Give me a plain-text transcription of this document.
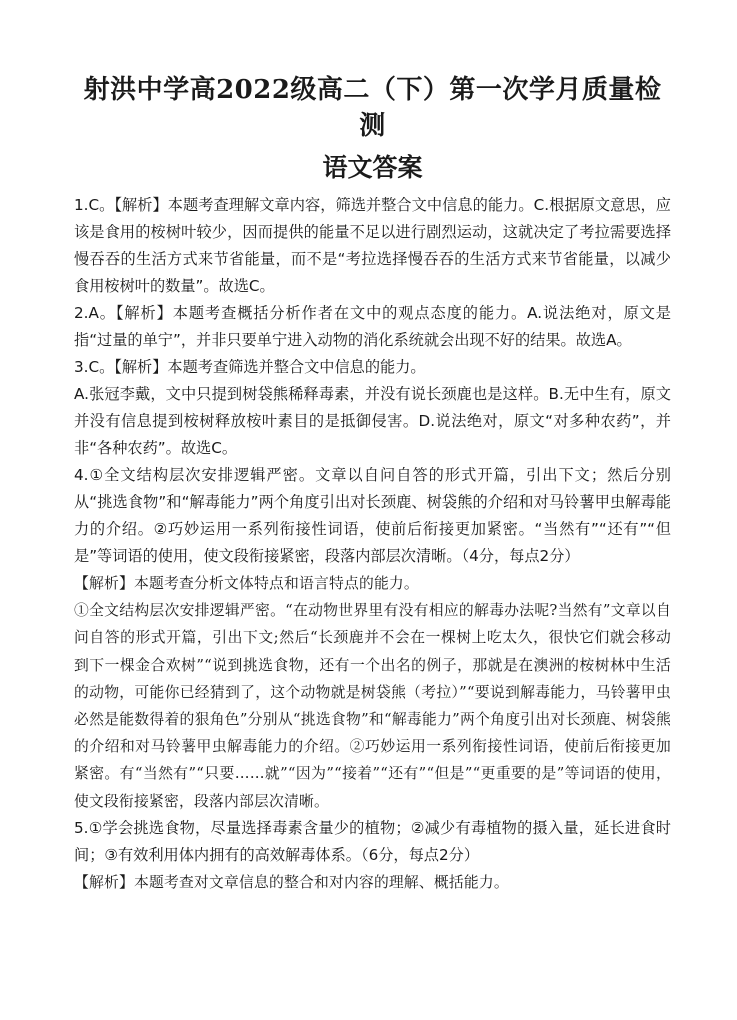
射洪中学高2022级高二（下）第一次学月质量检测
语文答案

1.C。【解析】本题考查理解文章内容，筛选并整合文中信息的能力。C.根据原文意思，应该是食用的桉树叶较少，因而提供的能量不足以进行剧烈运动，这就决定了考拉需要选择慢吞吞的生活方式来节省能量，而不是“考拉选择慢吞吞的生活方式来节省能量，以减少食用桉树叶的数量”。故选C。

2.A。【解析】本题考查概括分析作者在文中的观点态度的能力。A.说法绝对，原文是指“过量的单宁”，并非只要单宁进入动物的消化系统就会出现不好的结果。故选A。

3.C。【解析】本题考查筛选并整合文中信息的能力。

A.张冠李戴，文中只提到树袋熊稀释毒素，并没有说长颈鹿也是这样。B.无中生有，原文并没有信息提到桉树释放桉叶素目的是抵御侵害。D.说法绝对，原文“对多种农药”，并非“各种农药”。故选C。

4.①全文结构层次安排逻辑严密。文章以自问自答的形式开篇，引出下文；然后分别从“挑选食物”和“解毒能力”两个角度引出对长颈鹿、树袋熊的介绍和对马铃薯甲虫解毒能力的介绍。②巧妙运用一系列衔接性词语，使前后衔接更加紧密。“当然有”“还有”“但是”等词语的使用，使文段衔接紧密，段落内部层次清晰。（4分，每点2分）

【解析】本题考查分析文体特点和语言特点的能力。

①全文结构层次安排逻辑严密。“在动物世界里有没有相应的解毒办法呢?当然有”文章以自问自答的形式开篇，引出下文;然后“长颈鹿并不会在一棵树上吃太久，很快它们就会移动到下一棵金合欢树”“说到挑选食物，还有一个出名的例子，那就是在澳洲的桉树林中生活的动物，可能你已经猜到了，这个动物就是树袋熊（考拉）”“要说到解毒能力，马铃薯甲虫必然是能数得着的狠角色”分别从“挑选食物”和“解毒能力”两个角度引出对长颈鹿、树袋熊的介绍和对马铃薯甲虫解毒能力的介绍。②巧妙运用一系列衔接性词语，使前后衔接更加紧密。有“当然有”“只要……就”“因为”“接着”“还有”“但是”“更重要的是”等词语的使用，使文段衔接紧密，段落内部层次清晰。

5.①学会挑选食物，尽量选择毒素含量少的植物；②减少有毒植物的摄入量，延长进食时间；③有效利用体内拥有的高效解毒体系。（6分，每点2分）

【解析】本题考查对文章信息的整合和对内容的理解、概括能力。
